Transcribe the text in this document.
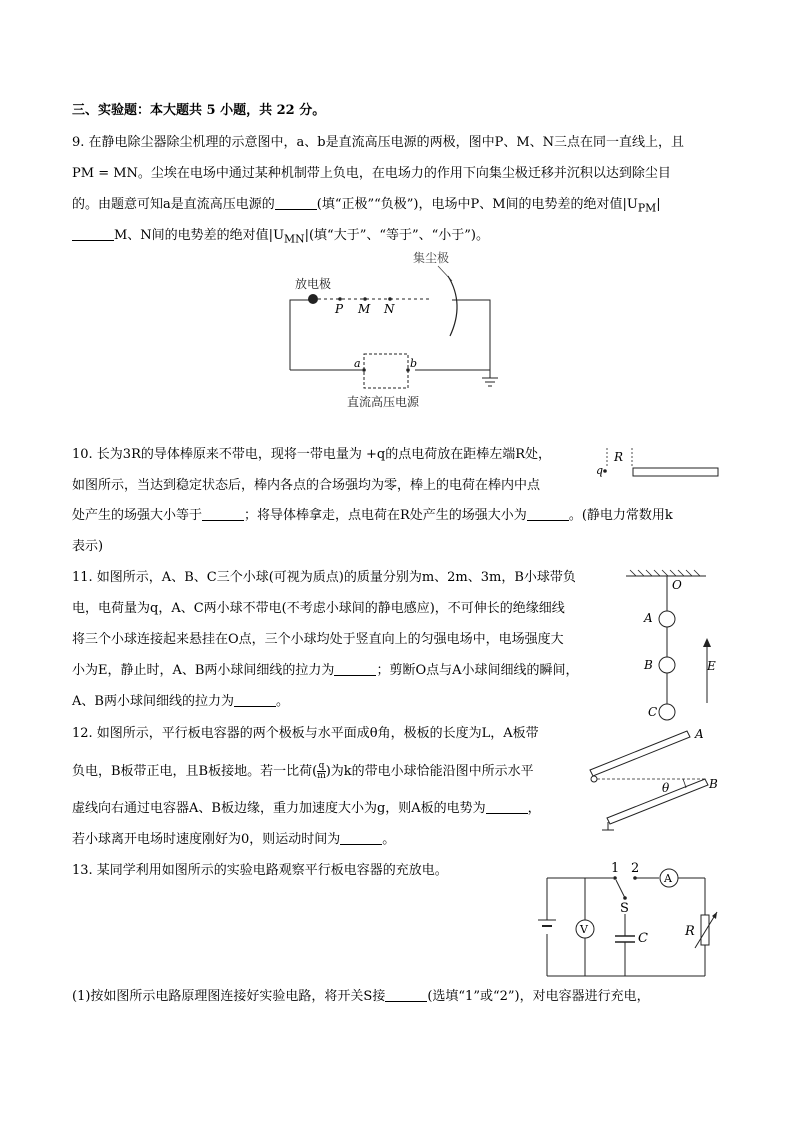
三、实验题：本大题共 5 小题，共 22 分。
9. 在静电除尘器除尘机理的示意图中，a、b是直流高压电源的两极，图中P、M、N三点在同一直线上，且
PM = MN。尘埃在电场中通过某种机制带上负电，在电场力的作用下向集尘极迁移并沉积以达到除尘目
的。由题意可知a是直流高压电源的	(填“正极”“负极”)，电场中P、M间的电势差的绝对值$|U_{PM}|$
M、N间的电势差的绝对值$|U_{MN}|$(填“大于”、“等于”、“小于”)。
集尘极
放电极
P M N
a	b
直流高压电源
10. 长为3R的导体棒原来不带电，现将一带电量为 +q的点电荷放在距棒左端R处，
如图所示，当达到稳定状态后，棒内各点的合场强均为零，棒上的电荷在棒内中点
处产生的场强大小等于	；将导体棒拿走，点电荷在R处产生的场强大小为	。(静电力常数用k
表示)
q
R
11. 如图所示，A、B、C三个小球(可视为质点)的质量分别为m、2m、3m，B小球带负
电，电荷量为q，A、C两小球不带电(不考虑小球间的静电感应)，不可伸长的绝缘细线
将三个小球连接起来悬挂在O点，三个小球均处于竖直向上的匀强电场中，电场强度大
小为E，静止时，A、B两小球间细线的拉力为	；剪断O点与A小球间细线的瞬间，
A、B两小球间细线的拉力为	。
O
A
B
C
E
12. 如图所示，平行板电容器的两个极板与水平面成θ角，极板的长度为L，A板带
负电，B板带正电，且B板接地。若一比荷( $\frac{q}{m}$ )为k的带电小球恰能沿图中所示水平
虚线向右通过电容器A、B板边缘，重力加速度大小为g，则A板的电势为	，
若小球离开电场时速度刚好为0，则运动时间为	。
A
B
θ
13. 某同学利用如图所示的实验电路观察平行板电容器的充放电。
(1)按如图所示电路原理图连接好实验电路，将开关S接	(选填“1”或“2”)，对电容器进行充电，
V
1 2
S
C
A
R
